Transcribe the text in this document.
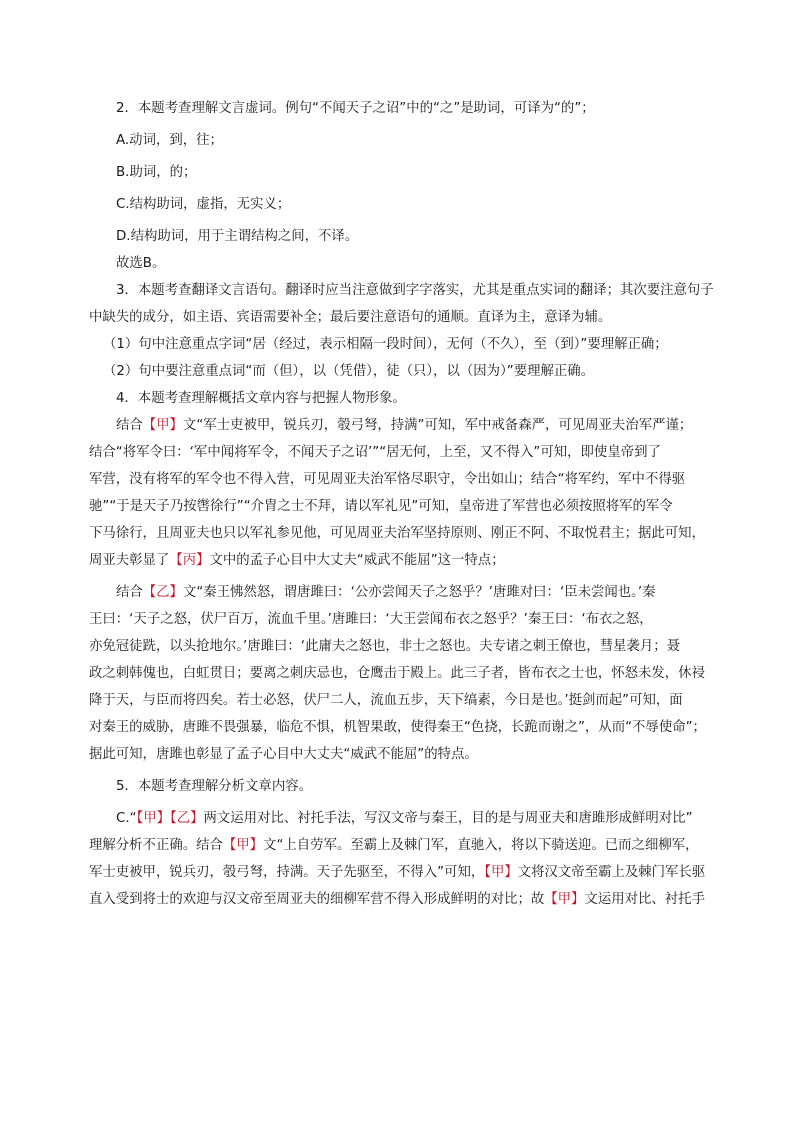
2．本题考查理解文言虚词。例句“不闻天子之诏”中的“之”是助词，可译为“的”；

A.动词，到，往；

B.助词，的；

C.结构助词，虚指，无实义；

D.结构助词，用于主谓结构之间，不译。

故选B。

3．本题考查翻译文言语句。翻译时应当注意做到字字落实，尤其是重点实词的翻译；其次要注意句子

中缺失的成分，如主语、宾语需要补全；最后要注意语句的通顺。直译为主，意译为辅。

（1）句中注意重点字词“居（经过，表示相隔一段时间），无何（不久），至（到）”要理解正确；

（2）句中要注意重点词“而（但），以（凭借），徒（只），以（因为）”要理解正确。

4．本题考查理解概括文章内容与把握人物形象。

结合【甲】文“军士吏被甲，锐兵刃，彀弓弩，持满”可知，军中戒备森严，可见周亚夫治军严谨；

结合“将军令曰：‘军中闻将军令，不闻天子之诏’”“居无何，上至，又不得入”可知，即使皇帝到了

军营，没有将军的军令也不得入营，可见周亚夫治军恪尽职守，令出如山；结合“将军约，军中不得驱

驰”“于是天子乃按辔徐行”“介胄之士不拜，请以军礼见”可知，皇帝进了军营也必须按照将军的军令

下马徐行，且周亚夫也只以军礼参见他，可见周亚夫治军坚持原则、刚正不阿、不取悦君主；据此可知，

周亚夫彰显了【丙】文中的孟子心目中大丈夫“威武不能屈”这一特点；

结合【乙】文“秦王怫然怒，谓唐雎曰：‘公亦尝闻天子之怒乎？’唐雎对曰：‘臣未尝闻也。’秦

王曰：‘天子之怒，伏尸百万，流血千里。’唐雎曰：‘大王尝闻布衣之怒乎？’秦王曰：‘布衣之怒，

亦免冠徒跣，以头抢地尔。’唐雎曰：‘此庸夫之怒也，非士之怒也。夫专诸之刺王僚也，彗星袭月；聂

政之刺韩傀也，白虹贯日；要离之刺庆忌也，仓鹰击于殿上。此三子者，皆布衣之士也，怀怒未发，休祲

降于天，与臣而将四矣。若士必怒，伏尸二人，流血五步，天下缟素，今日是也。’挺剑而起”可知，面

对秦王的威胁，唐雎不畏强暴，临危不惧，机智果敢，使得秦王“色挠，长跪而谢之”，从而“不辱使命”；

据此可知，唐雎也彰显了孟子心目中大丈夫“威武不能屈”的特点。

5．本题考查理解分析文章内容。

C.“【甲】【乙】两文运用对比、衬托手法，写汉文帝与秦王，目的是与周亚夫和唐雎形成鲜明对比”

理解分析不正确。结合【甲】文“上自劳军。至霸上及棘门军，直驰入，将以下骑送迎。已而之细柳军，

军士吏被甲，锐兵刃，彀弓弩，持满。天子先驱至，不得入”可知，【甲】文将汉文帝至霸上及棘门军长驱

直入受到将士的欢迎与汉文帝至周亚夫的细柳军营不得入形成鲜明的对比；故【甲】文运用对比、衬托手
